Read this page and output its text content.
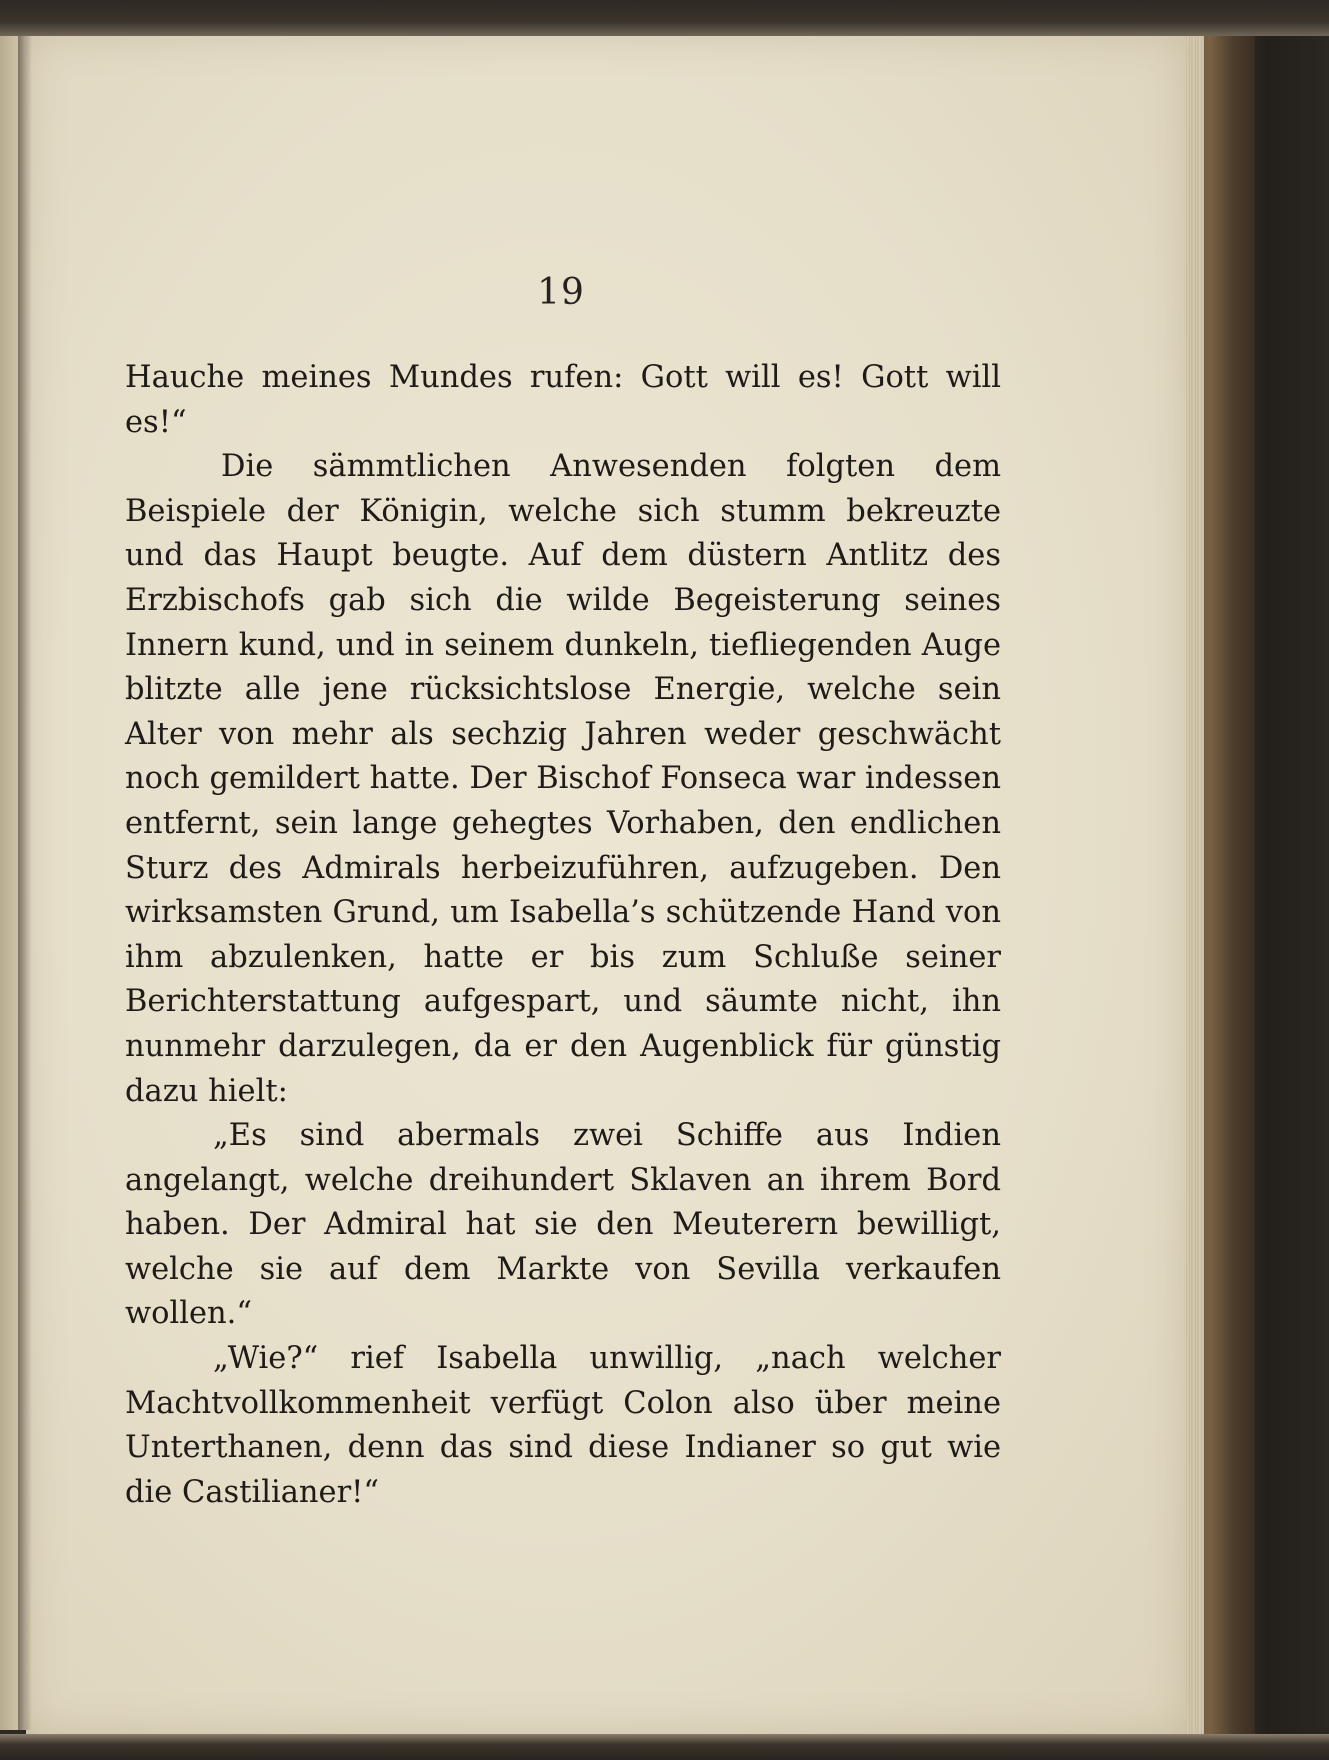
19

Hauche meines Mundes rufen: Gott will es! Gott will es!“

Die sämmtlichen Anwesenden folgten dem Beispiele der Königin, welche sich stumm bekreuzte und das Haupt beugte. Auf dem düstern Antlitz des Erzbischofs gab sich die wilde Begeisterung seines Innern kund, und in seinem dunkeln, tiefliegenden Auge blitzte alle jene rücksichtslose Energie, welche sein Alter von mehr als sechzig Jahren weder geschwächt noch gemildert hatte. Der Bischof Fonseca war indessen entfernt, sein lange gehegtes Vorhaben, den endlichen Sturz des Admirals herbeizuführen, aufzugeben. Den wirksamsten Grund, um Isabella’s schützende Hand von ihm abzulenken, hatte er bis zum Schluße seiner Berichterstattung aufgespart, und säumte nicht, ihn nunmehr darzulegen, da er den Augenblick für günstig dazu hielt:

„Es sind abermals zwei Schiffe aus Indien angelangt, welche dreihundert Sklaven an ihrem Bord haben. Der Admiral hat sie den Meuterern bewilligt, welche sie auf dem Markte von Sevilla verkaufen wollen.“

„Wie?“ rief Isabella unwillig, „nach welcher Machtvollkommenheit verfügt Colon also über meine Unterthanen, denn das sind diese Indianer so gut wie die Castilianer!“
